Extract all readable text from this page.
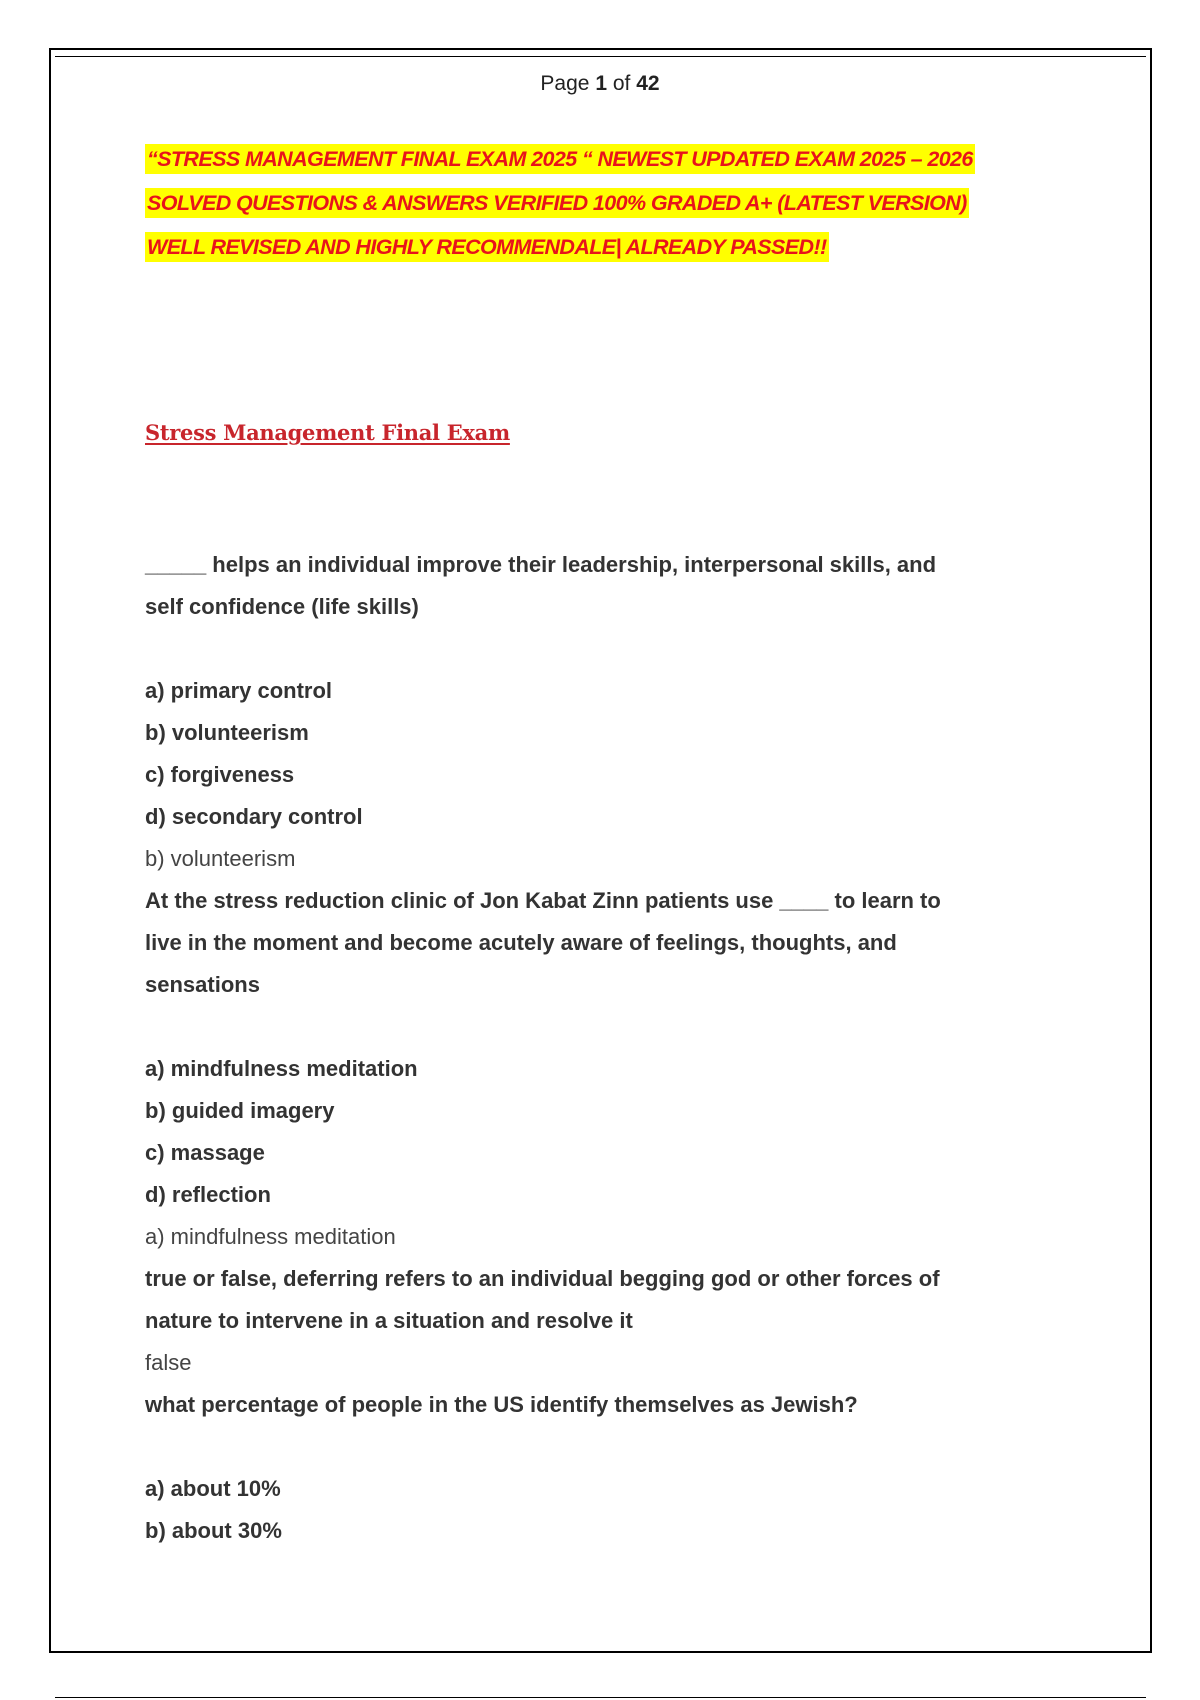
Page 1 of 42
“STRESS MANAGEMENT FINAL EXAM 2025 “ NEWEST UPDATED EXAM 2025 – 2026
SOLVED QUESTIONS & ANSWERS VERIFIED 100% GRADED A+ (LATEST VERSION)
WELL REVISED AND HIGHLY RECOMMENDALE| ALREADY PASSED!!
Stress Management Final Exam
_____ helps an individual improve their leadership, interpersonal skills, and
self confidence (life skills)
a) primary control
b) volunteerism
c) forgiveness
d) secondary control
b) volunteerism
At the stress reduction clinic of Jon Kabat Zinn patients use ____ to learn to
live in the moment and become acutely aware of feelings, thoughts, and
sensations
a) mindfulness meditation
b) guided imagery
c) massage
d) reflection
a) mindfulness meditation
true or false, deferring refers to an individual begging god or other forces of
nature to intervene in a situation and resolve it
false
what percentage of people in the US identify themselves as Jewish?
a) about 10%
b) about 30%
